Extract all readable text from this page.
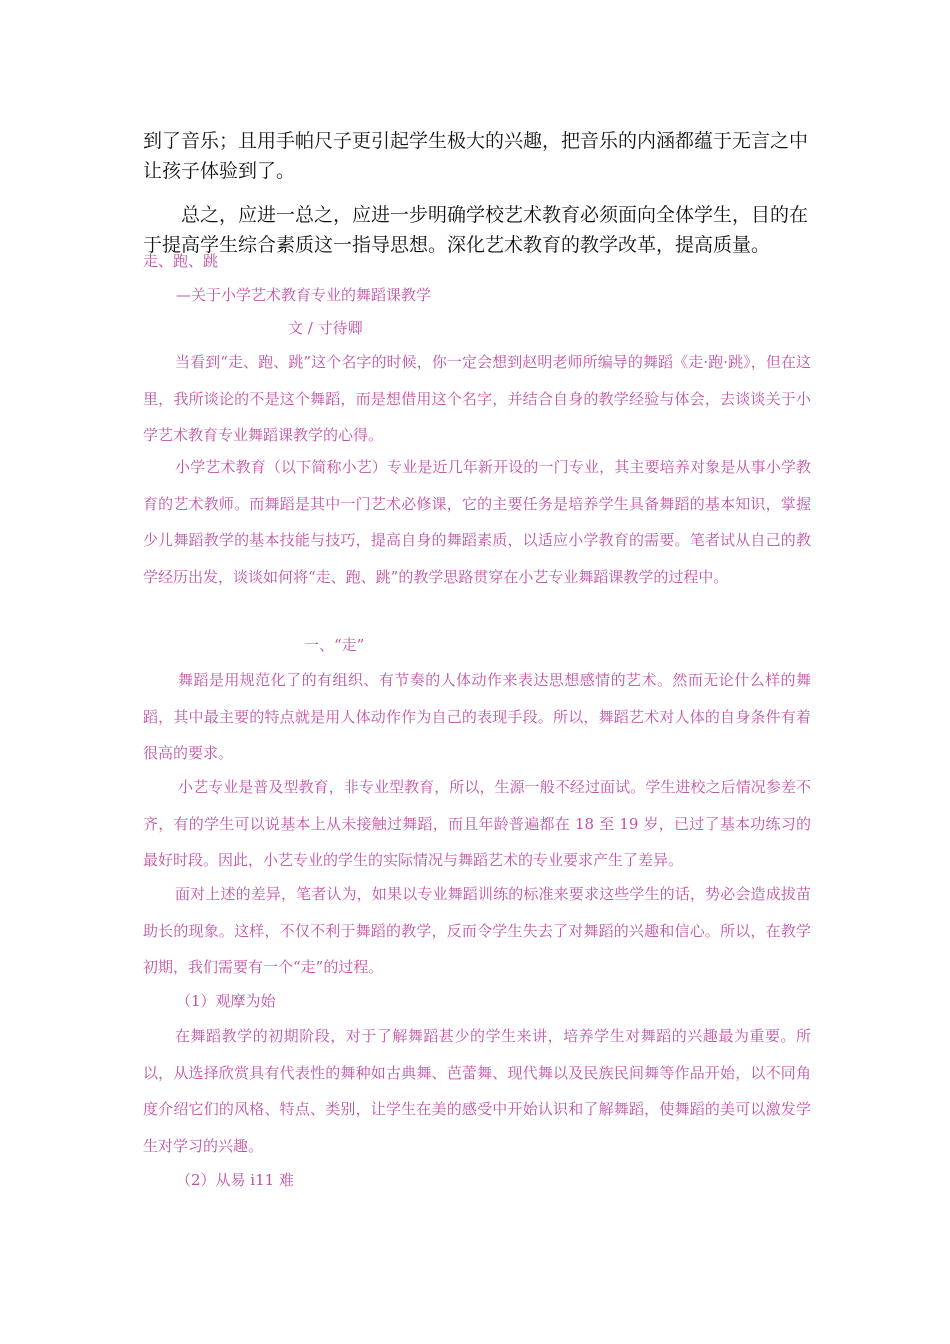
到了音乐；且用手帕尺子更引起学生极大的兴趣，把音乐的内涵都蕴于无言之中让孩子体验到了。

　　总之，应进一总之，应进一步明确学校艺术教育必须面向全体学生，目的在于提高学生综合素质这一指导思想。深化艺术教育的教学改革，提高质量。

走、跑、跳

—关于小学艺术教育专业的舞蹈课教学

文 / 寸待卿

当看到“走、跑、跳”这个名字的时候，你一定会想到赵明老师所编导的舞蹈《走·跑·跳》，但在这里，我所谈论的不是这个舞蹈，而是想借用这个名字，并结合自身的教学经验与体会，去谈谈关于小学艺术教育专业舞蹈课教学的心得。

小学艺术教育（以下简称小艺）专业是近几年新开设的一门专业，其主要培养对象是从事小学教育的艺术教师。而舞蹈是其中一门艺术必修课，它的主要任务是培养学生具备舞蹈的基本知识，掌握少儿舞蹈教学的基本技能与技巧，提高自身的舞蹈素质，以适应小学教育的需要。笔者试从自己的教学经历出发，谈谈如何将“走、跑、跳”的教学思路贯穿在小艺专业舞蹈课教学的过程中。

一、“走”

舞蹈是用规范化了的有组织、有节奏的人体动作来表达思想感情的艺术。然而无论什么样的舞蹈，其中最主要的特点就是用人体动作作为自己的表现手段。所以，舞蹈艺术对人体的自身条件有着很高的要求。

小艺专业是普及型教育，非专业型教育，所以，生源一般不经过面试。学生进校之后情况参差不齐，有的学生可以说基本上从未接触过舞蹈，而且年龄普遍都在 18 至 19 岁，已过了基本功练习的最好时段。因此，小艺专业的学生的实际情况与舞蹈艺术的专业要求产生了差异。

面对上述的差异，笔者认为，如果以专业舞蹈训练的标准来要求这些学生的话，势必会造成拔苗助长的现象。这样，不仅不利于舞蹈的教学，反而令学生失去了对舞蹈的兴趣和信心。所以，在教学初期，我们需要有一个“走”的过程。

（1）观摩为始

在舞蹈教学的初期阶段，对于了解舞蹈甚少的学生来讲，培养学生对舞蹈的兴趣最为重要。所以，从选择欣赏具有代表性的舞种如古典舞、芭蕾舞、现代舞以及民族民间舞等作品开始，以不同角度介绍它们的风格、特点、类别，让学生在美的感受中开始认识和了解舞蹈，使舞蹈的美可以激发学生对学习的兴趣。

（2）从易 i11 难
